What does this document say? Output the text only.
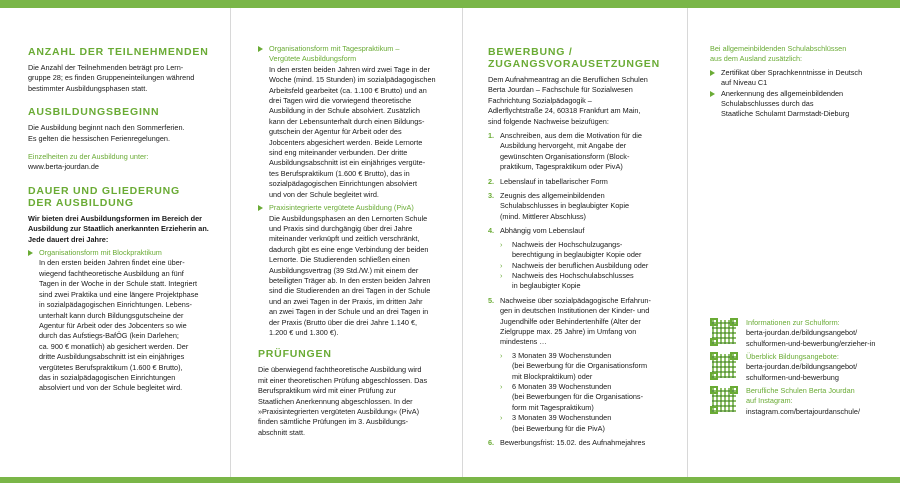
ANZAHL DER TEILNEHMENDEN

Die Anzahl der Teilnehmenden beträgt pro Lern-

gruppe 28; es finden Gruppeneinteilungen während

bestimmter Ausbildungsphasen statt.

AUSBILDUNGSBEGINN

Die Ausbildung beginnt nach den Sommerferien.

Es gelten die hessischen Ferienregelungen.

Einzelheiten zu der Ausbildung unter:

www.berta-jourdan.de

DAUER UND GLIEDERUNG
DER AUSBILDUNG

Wir bieten drei Ausbildungsformen im Bereich der

Ausbildung zur Staatlich anerkannten Erzieherin an.

Jede dauert drei Jahre:

Organisationsform mit Blockpraktikum

In den ersten beiden Jahren findet eine über-

wiegend fachtheoretische Ausbildung an fünf

Tagen in der Woche in der Schule statt. Integriert

sind zwei Praktika und eine längere Projektphase

in sozialpädagogischen Einrichtungen. Lebens-

unterhalt kann durch Bildungsgutscheine der

Agentur für Arbeit oder des Jobcenters so wie

durch das Aufstiegs-BafÖG (kein Darlehen;

ca. 900 € monatlich) ab gesichert werden. Der

dritte Ausbildungsabschnitt ist ein einjähriges

vergütetes Berufspraktikum (1.600 € Brutto),

das in sozialpädagogischen Einrichtungen

absolviert und von der Schule begleitet wird.

Organisationsform mit Tagespraktikum –

Vergütete Ausbildungsform

In den ersten beiden Jahren wird zwei Tage in der

Woche (mind. 15 Stunden) im sozialpädagogischen

Arbeitsfeld gearbeitet (ca. 1.100 € Brutto) und an

drei Tagen wird die vorwiegend theoretische

Ausbildung in der Schule absolviert. Zusätzlich

kann der Lebensunterhalt durch einen Bildungs-

gutschein der Agentur für Arbeit oder des

Jobcenters abgesichert werden. Beide Lernorte

sind eng miteinander verbunden. Der dritte

Ausbildungsabschnitt ist ein einjähriges vergüte-

tes Berufspraktikum (1.600 € Brutto), das in

sozialpädagogischen Einrichtungen absolviert

und von der Schule begleitet wird.

Praxisintegrierte vergütete Ausbildung (PivA)

Die Ausbildungsphasen an den Lernorten Schule

und Praxis sind durchgängig über drei Jahre

miteinander verknüpft und zeitlich verschränkt,

dadurch gibt es eine enge Verbindung der beiden

Lernorte. Die Studierenden schließen einen

Ausbildungsvertrag (39 Std./W.) mit einem der

beteiligten Träger ab. In den ersten beiden Jahren

sind die Studierenden an drei Tagen in der Schule

und an zwei Tagen in der Praxis, im dritten Jahr

an zwei Tagen in der Schule und an drei Tagen in

der Praxis (Brutto über die drei Jahre 1.140 €,

1.200 € und 1.300 €).

PRÜFUNGEN

Die überwiegend fachtheoretische Ausbildung wird

mit einer theoretischen Prüfung abgeschlossen. Das

Berufspraktikum wird mit einer Prüfung zur

Staatlichen Anerkennung abgeschlossen. In der

»Praxisintegrierten vergüteten Ausbildung« (PivA)

finden sämtliche Prüfungen im 3. Ausbildungs-

abschnitt statt.

BEWERBUNG /
ZUGANGSVORAUSETZUNGEN

Dem Aufnahmeantrag an die Beruflichen Schulen

Berta Jourdan – Fachschule für Sozialwesen

Fachrichtung Sozialpädagogik –

Adlerflychtstraße 24, 60318 Frankfurt am Main,

sind folgende Nachweise beizufügen:

1. Anschreiben, aus dem die Motivation für die

Ausbildung hervorgeht, mit Angabe der

gewünschten Organisationsform (Block-

praktikum, Tagespraktikum oder PivA)

2. Lebenslauf in tabellarischer Form

3. Zeugnis des allgemeinbildenden

Schulabschlusses in beglaubigter Kopie

(mind. Mittlerer Abschluss)

4. Abhängig vom Lebenslauf

› Nachweis der Hochschulzugangs-

berechtigung in beglaubigter Kopie oder

› Nachweis der beruflichen Ausbildung oder

› Nachweis des Hochschulabschlusses

in beglaubigter Kopie

5. Nachweise über sozialpädagogische Erfahrun-

gen in deutschen Institutionen der Kinder- und

Jugendhilfe oder Behindertenhilfe (Alter der

Zielgruppe max. 25 Jahre) im Umfang von

mindestens …

› 3 Monaten 39 Wochenstunden

(bei Bewerbung für die Organisationsform

mit Blockpraktikum) oder

› 6 Monaten 39 Wochenstunden

(bei Bewerbungen für die Organisations-

form mit Tagespraktikum)

› 3 Monaten 39 Wochenstunden

(bei Bewerbung für die PivA)

6. Bewerbungsfrist: 15.02. des Aufnahmejahres

Bei allgemeinbildenden Schulabschlüssen

aus dem Ausland zusätzlich:

Zertifikat über Sprachkenntnisse in Deutsch

auf Niveau C1

Anerkennung des allgemeinbildenden

Schulabschlusses durch das

Staatliche Schulamt Darmstadt-Dieburg

Informationen zur Schulform:

berta-jourdan.de/bildungsangebot/

schulformen-und-bewerbung/erzieher-in

Überblick Bildungsangebote:

berta-jourdan.de/bildungsangebot/

schulformen-und-bewerbung

Berufliche Schulen Berta Jourdan

auf Instagram:

instagram.com/bertajourdanschule/
